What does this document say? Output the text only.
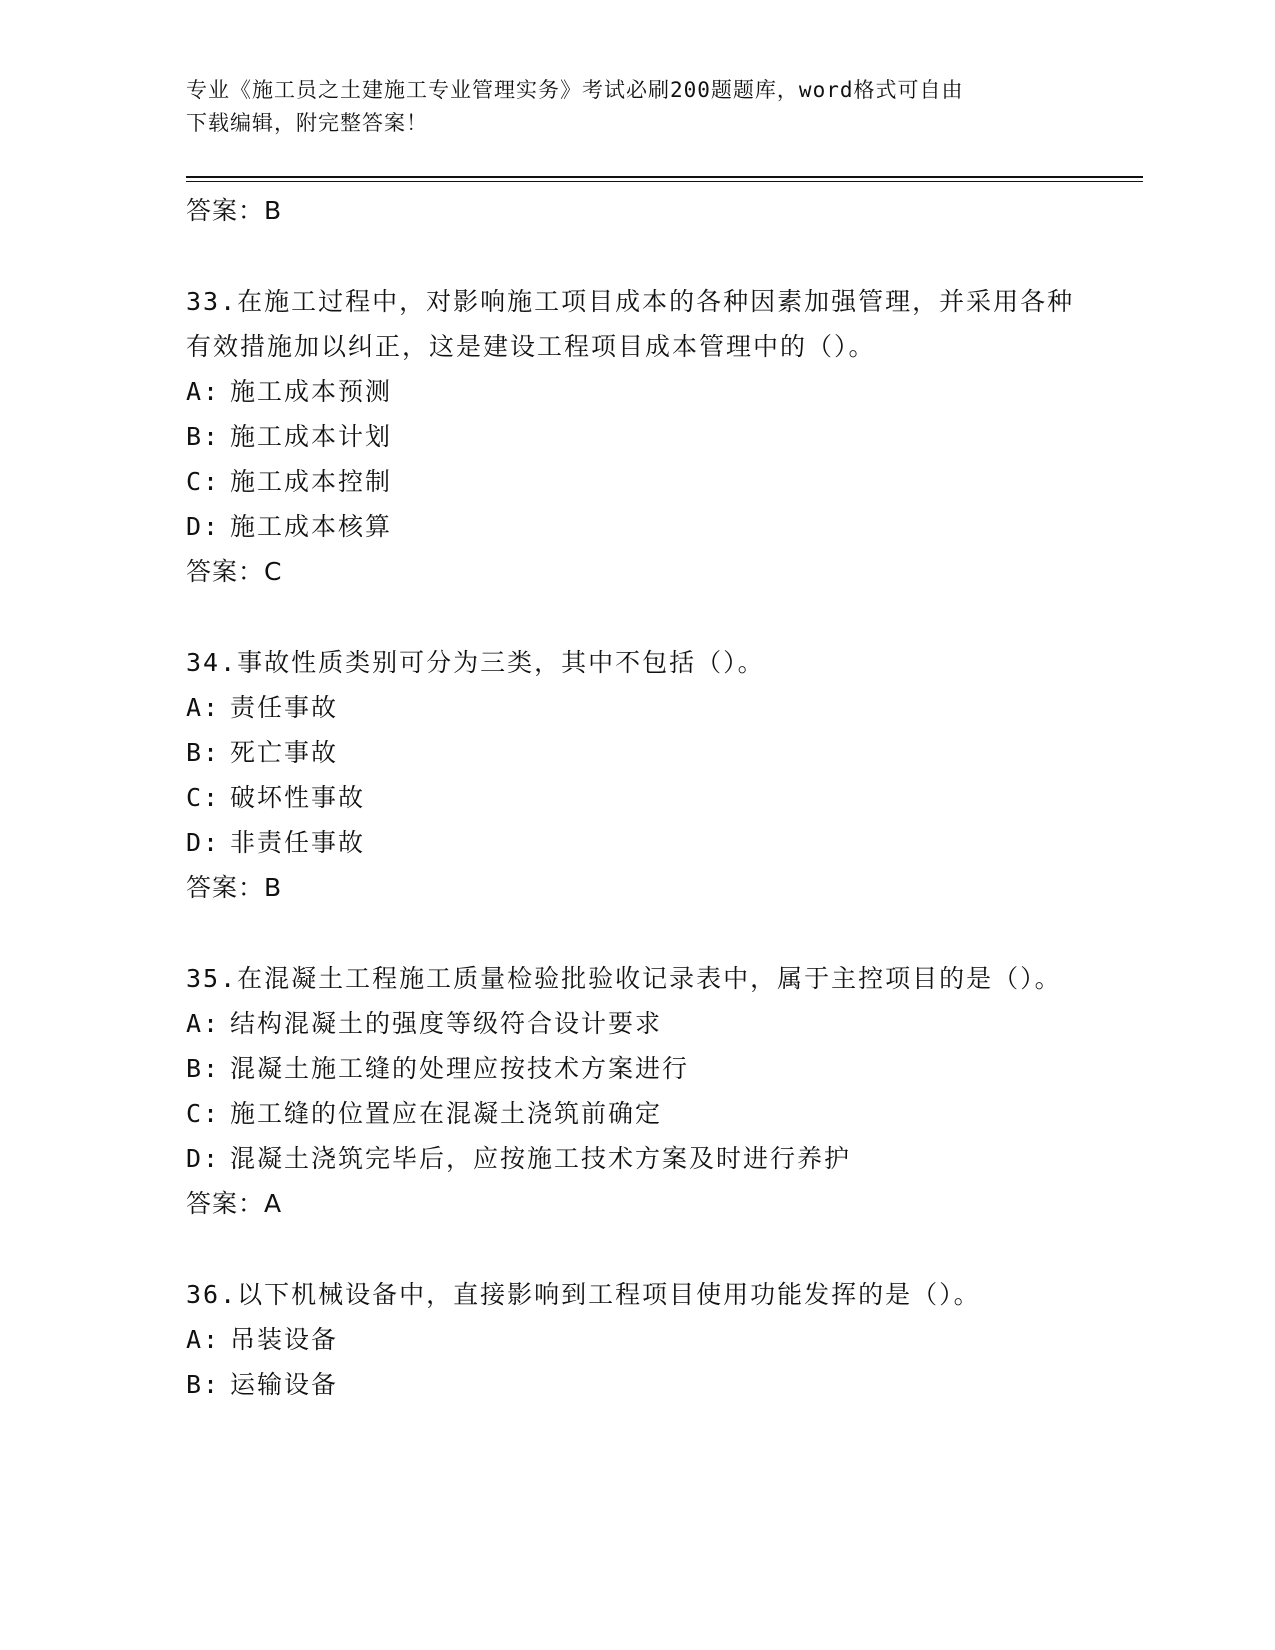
专业《施工员之土建施工专业管理实务》考试必刷200题题库，word格式可自由
下载编辑，附完整答案！
答案：B
33.在施工过程中，对影响施工项目成本的各种因素加强管理，并采用各种有效措施加以纠正，这是建设工程项目成本管理中的（）。
A: 施工成本预测
B: 施工成本计划
C: 施工成本控制
D: 施工成本核算
答案：C
34.事故性质类别可分为三类，其中不包括（）。
A: 责任事故
B: 死亡事故
C: 破坏性事故
D: 非责任事故
答案：B
35.在混凝土工程施工质量检验批验收记录表中，属于主控项目的是（）。
A: 结构混凝土的强度等级符合设计要求
B: 混凝土施工缝的处理应按技术方案进行
C: 施工缝的位置应在混凝土浇筑前确定
D: 混凝土浇筑完毕后，应按施工技术方案及时进行养护
答案：A
36.以下机械设备中，直接影响到工程项目使用功能发挥的是（）。
A: 吊装设备
B: 运输设备
